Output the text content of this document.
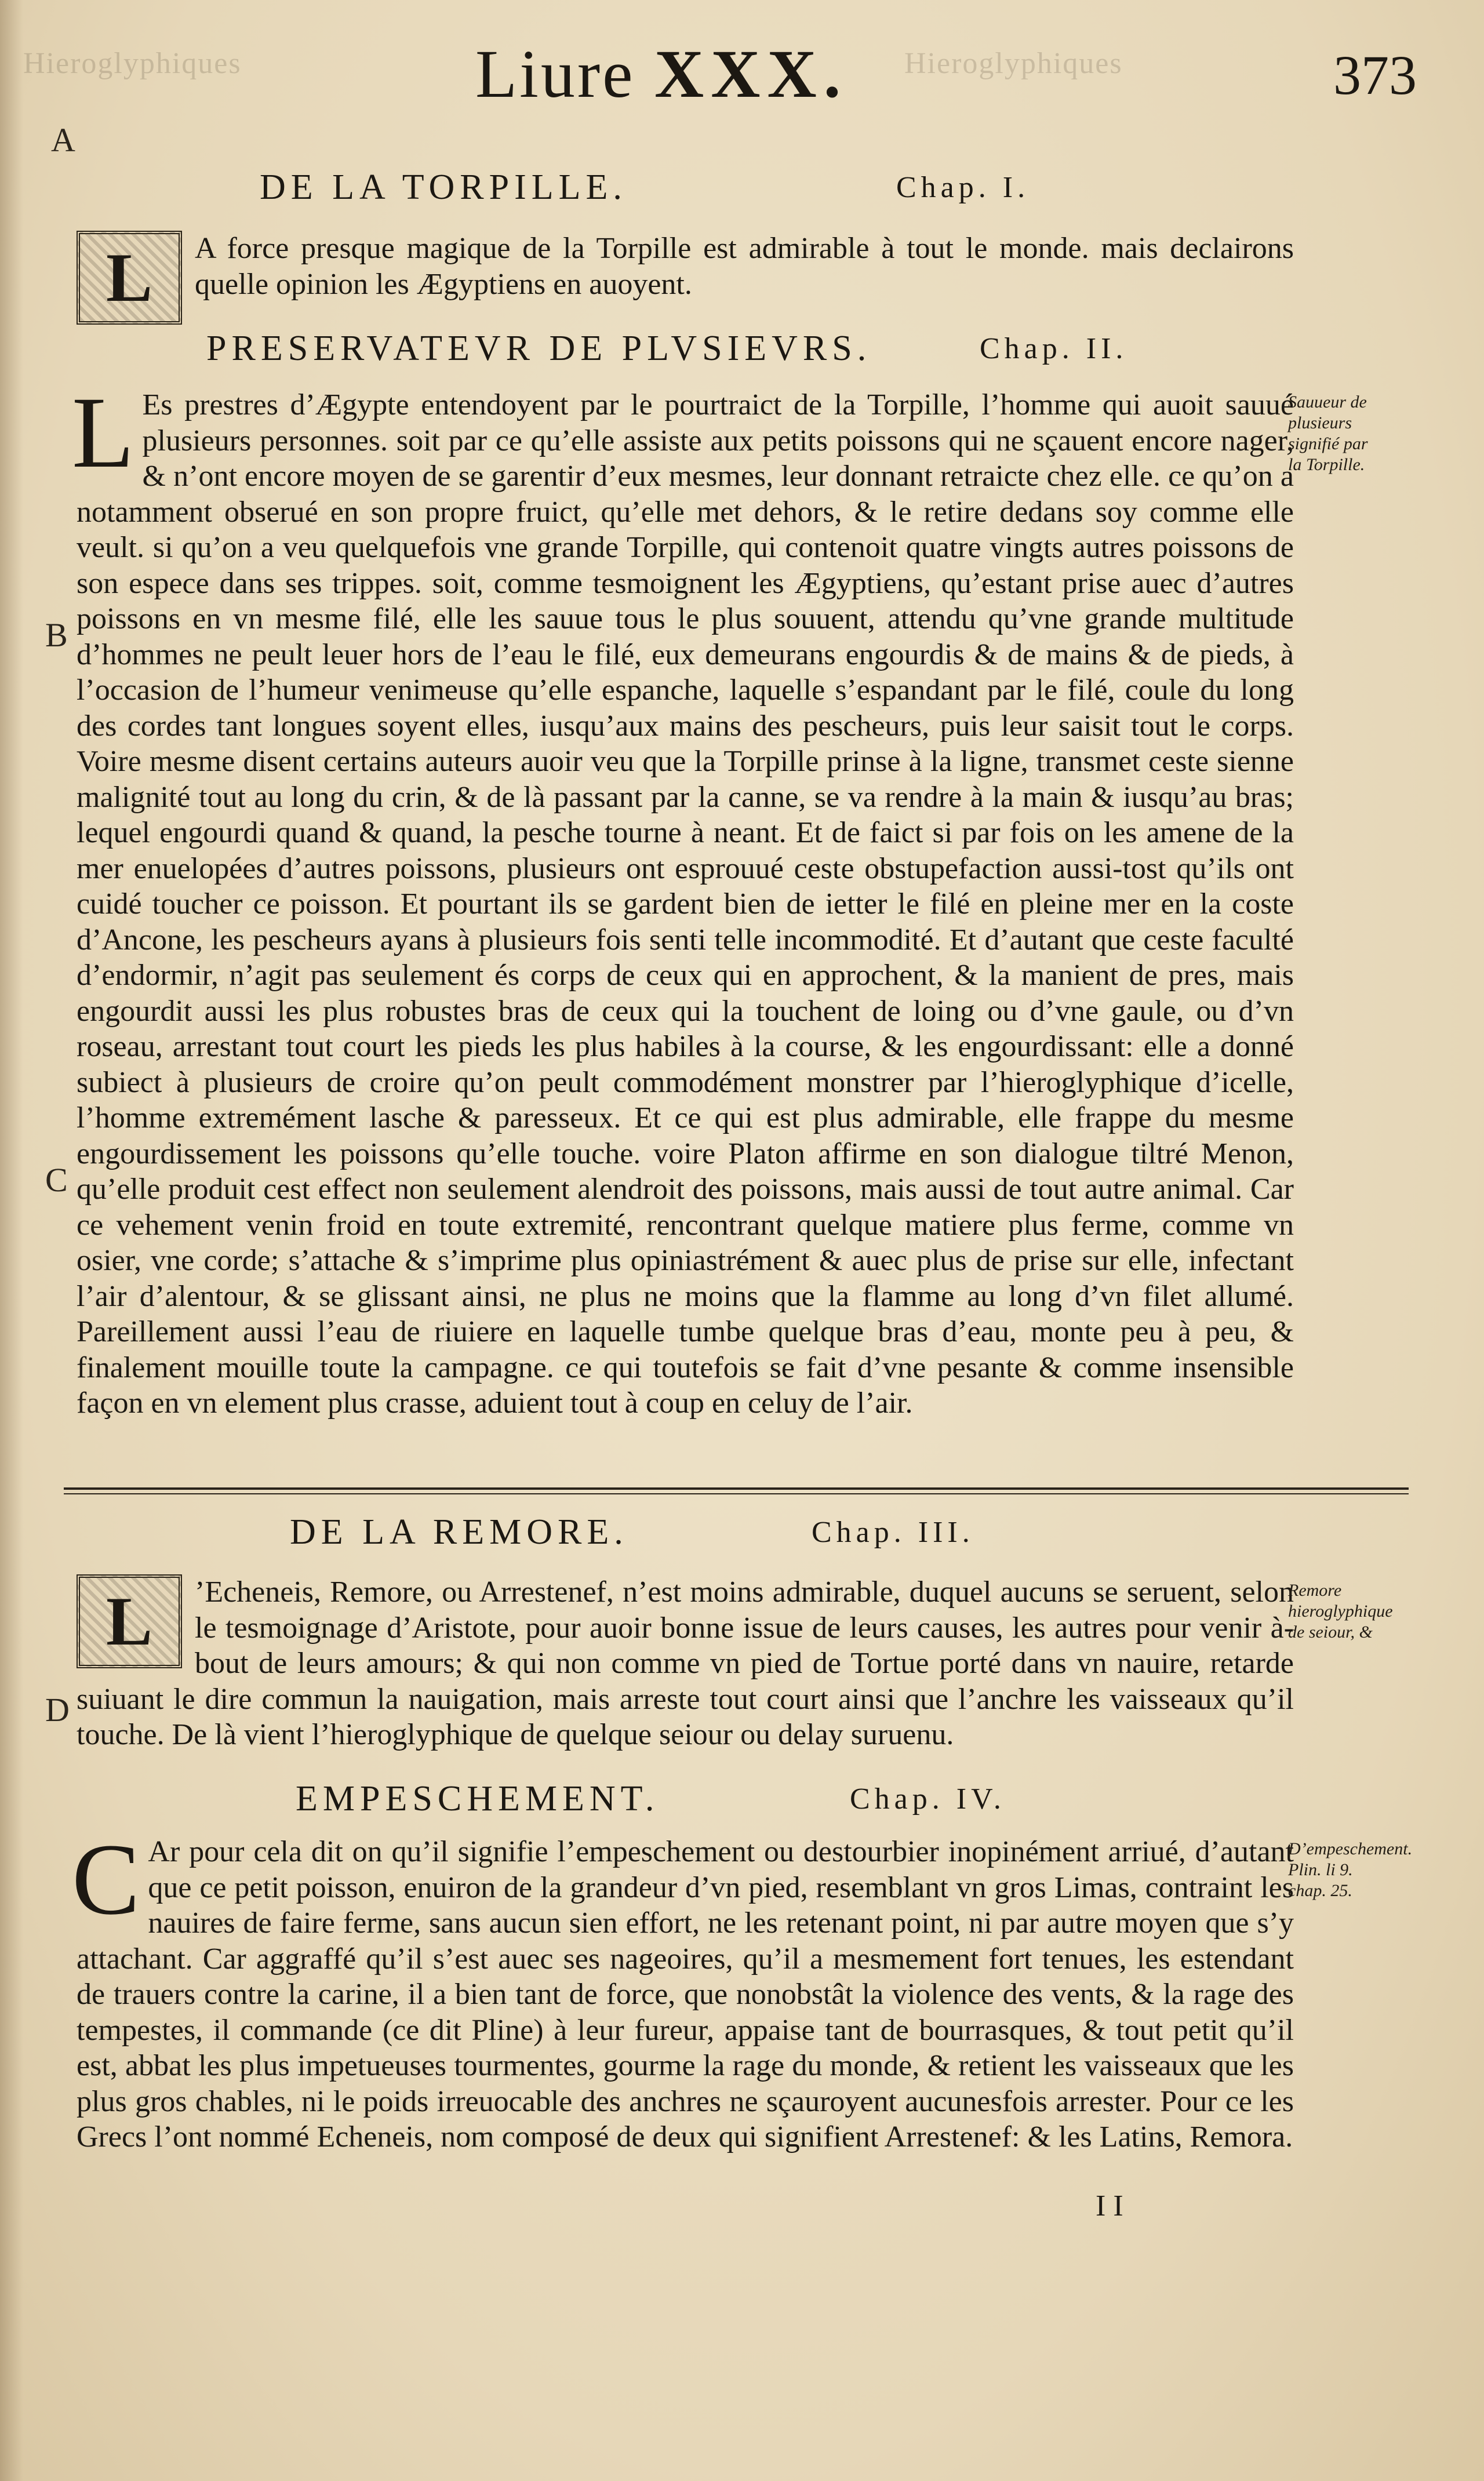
Hieroglyphiques	Hieroglyphiques
Liure XXX.	373
A
B
C
D
DE LA TORPILLE.	Chap. I.

L	A force presque magique de la Torpille est admirable à tout le monde. mais declairons quelle opinion les Ægyptiens en auoyent.

PRESERVATEVR DE PLVSIEVRS.	Chap. II.

L Es prestres d’Ægypte entendoyent par le pourtraict de la Torpille, l’homme qui auoit sauué plusieurs personnes. soit par ce qu’elle assiste aux petits poissons qui ne sçauent encore nager, & n’ont encore moyen de se garentir d’eux mesmes, leur donnant retraicte chez elle. ce qu’on a notamment obserué en son propre fruict, qu’elle met dehors, & le retire dedans soy comme elle veult. si qu’on a veu quelquefois vne grande Torpille, qui contenoit quatre vingts autres poissons de son espece dans ses trippes. soit, comme tesmoignent les Ægyptiens, qu’estant prise auec d’autres poissons en vn mesme filé, elle les sauue tous le plus souuent, attendu qu’vne grande multitude d’hommes ne peult leuer hors de l’eau le filé, eux demeurans engourdis & de mains & de pieds, à l’occasion de l’humeur venimeuse qu’elle espanche, laquelle s’espandant par le filé, coule du long des cordes tant longues soyent elles, iusqu’aux mains des pescheurs, puis leur saisit tout le corps. Voire mesme disent certains auteurs auoir veu que la Torpille prinse à la ligne, transmet ceste sienne malignité tout au long du crin, & de là passant par la canne, se va rendre à la main & iusqu’au bras; lequel engourdi quand & quand, la pesche tourne à neant. Et de faict si par fois on les amene de la mer enuelopées d’autres poissons, plusieurs ont esprouué ceste obstupefaction aussi-tost qu’ils ont cuidé toucher ce poisson. Et pourtant ils se gardent bien de ietter le filé en pleine mer en la coste d’Ancone, les pescheurs ayans à plusieurs fois senti telle incommodité. Et d’autant que ceste faculté d’endormir, n’agit pas seulement és corps de ceux qui en approchent, & la manient de pres, mais engourdit aussi les plus robustes bras de ceux qui la touchent de loing ou d’vne gaule, ou d’vn roseau, arrestant tout court les pieds les plus habiles à la course, & les engourdissant: elle a donné subiect à plusieurs de croire qu’on peult commodément monstrer par l’hieroglyphique d’icelle, l’homme extremément lasche & paresseux. Et ce qui est plus admirable, elle frappe du mesme engourdissement les poissons qu’elle touche. voire Platon affirme en son dialogue tiltré Menon, qu’elle produit cest effect non seulement alendroit des poissons, mais aussi de tout autre animal. Car ce vehement venin froid en toute extremité, rencontrant quelque matiere plus ferme, comme vn osier, vne corde; s’attache & s’imprime plus opiniastrément & auec plus de prise sur elle, infectant l’air d’alentour, & se glissant ainsi, ne plus ne moins que la flamme au long d’vn filet allumé. Pareillement aussi l’eau de riuiere en laquelle tumbe quelque bras d’eau, monte peu à peu, & finalement mouille toute la campagne. ce qui toutefois se fait d’vne pesante & comme insensible façon en vn element plus crasse, aduient tout à coup en celuy de l’air.

Sauueur de plusieurs signifié par la Torpille.
DE LA REMORE.	Chap. III.

L	’Echeneis, Remore, ou Arrestenef, n’est moins admirable, duquel aucuns se seruent, selon le tesmoignage d’Aristote, pour auoir bonne issue de leurs causes, les autres pour venir à-bout de leurs amours; & qui non comme vn pied de Tortue porté dans vn nauire, retarde suiuant le dire commun la nauigation, mais arreste tout court ainsi que l’anchre les vaisseaux qu’il touche. De là vient l’hieroglyphique de quelque seiour ou delay suruenu.

Remore hieroglyphique de seiour, &
EMPESCHEMENT.	Chap. IV.

C Ar pour cela dit on qu’il signifie l’empeschement ou destourbier inopinément arriué, d’autant que ce petit poisson, enuiron de la grandeur d’vn pied, resemblant vn gros Limas, contraint les nauires de faire ferme, sans aucun sien effort, ne les retenant point, ni par autre moyen que s’y attachant. Car aggraffé qu’il s’est auec ses nageoires, qu’il a mesmement fort tenues, les estendant de trauers contre la carine, il a bien tant de force, que nonobstât la violence des vents, & la rage des tempestes, il commande (ce dit Pline) à leur fureur, appaise tant de bourrasques, & tout petit qu’il est, abbat les plus impetueuses tourmentes, gourme la rage du monde, & retient les vaisseaux que les plus gros chables, ni le poids irreuocable des anchres ne sçauroyent aucunesfois arrester. Pour ce les Grecs l’ont nommé Echeneis, nom composé de deux qui signifient Arrestenef: & les Latins, Remora.

D’empeschement. Plin. li 9. chap. 25.
I I
